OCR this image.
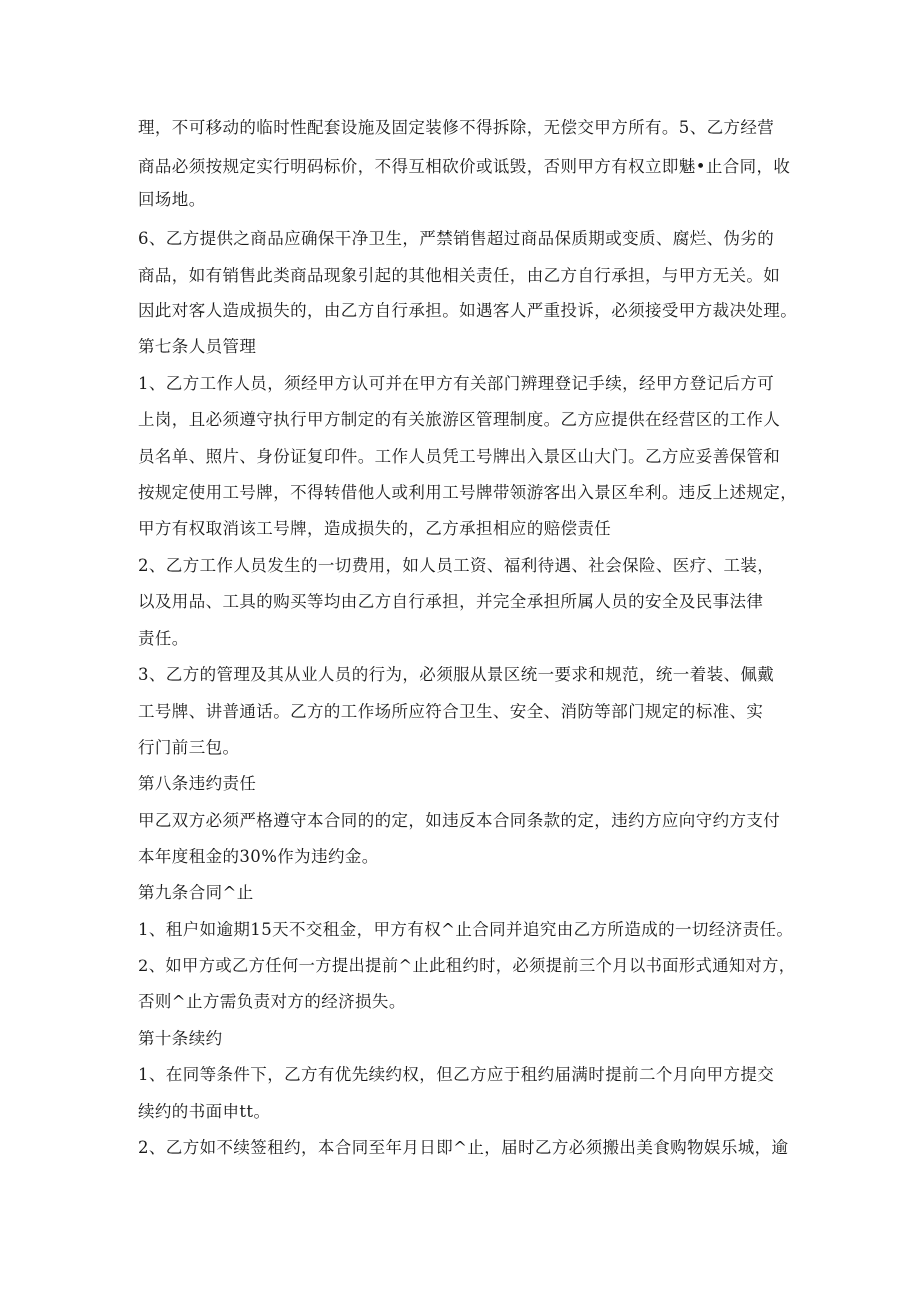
理，不可移动的临时性配套设施及固定装修不得拆除，无偿交甲方所有。5、乙方经营
商品必须按规定实行明码标价，不得互相砍价或诋毁，否则甲方有权立即魅•止合同，收
回场地。
6、乙方提供之商品应确保干净卫生，严禁销售超过商品保质期或变质、腐烂、伪劣的
商品，如有销售此类商品现象引起的其他相关责任，由乙方自行承担，与甲方无关。如
因此对客人造成损失的，由乙方自行承担。如遇客人严重投诉，必须接受甲方裁决处理。
第七条人员管理
1、乙方工作人员，须经甲方认可并在甲方有关部门辨理登记手续，经甲方登记后方可
上岗，且必须遵守执行甲方制定的有关旅游区管理制度。乙方应提供在经营区的工作人
员名单、照片、身份证复印件。工作人员凭工号牌出入景区山大门。乙方应妥善保管和
按规定使用工号牌，不得转借他人或利用工号牌带领游客出入景区牟利。违反上述规定，
甲方有权取消该工号牌，造成损失的，乙方承担相应的赔偿责任
2、乙方工作人员发生的一切费用，如人员工资、福利待遇、社会保险、医疗、工装，
以及用品、工具的购买等均由乙方自行承担，并完全承担所属人员的安全及民事法律
责任。
3、乙方的管理及其从业人员的行为，必须服从景区统一要求和规范，统一着装、佩戴
工号牌、讲普通话。乙方的工作场所应符合卫生、安全、消防等部门规定的标准、实
行门前三包。
第八条违约责任
甲乙双方必须严格遵守本合同的的定，如违反本合同条款的定，违约方应向守约方支付
本年度租金的30%作为违约金。
第九条合同^止
1、租户如逾期15天不交租金，甲方有权^止合同并追究由乙方所造成的一切经济责任。
2、如甲方或乙方任何一方提出提前^止此租约时，必须提前三个月以书面形式通知对方，
否则^止方需负责对方的经济损失。
第十条续约
1、在同等条件下，乙方有优先续约权，但乙方应于租约届满时提前二个月向甲方提交
续约的书面申tt。
2、乙方如不续签租约，本合同至年月日即^止，届时乙方必须搬出美食购物娱乐城，逾
